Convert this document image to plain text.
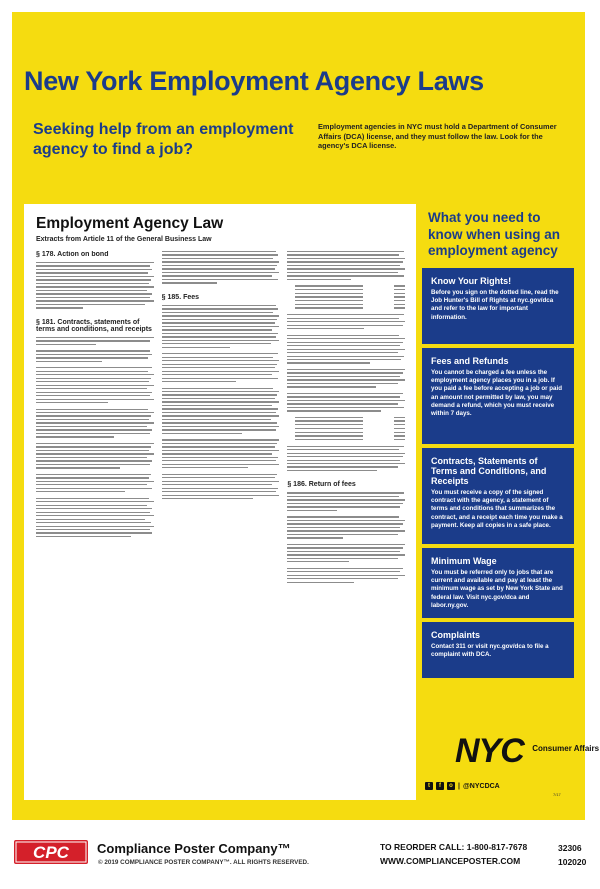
New York Employment Agency Laws
Seeking help from an employment agency to find a job?
Employment agencies in NYC must hold a Department of Consumer Affairs (DCA) license, and they must follow the law. Look for the agency's DCA license.
Employment Agency Law
Extracts from Article 11 of the General Business Law
§ 178. Action on bond
§ 181. Contracts, statements of terms and conditions, and receipts
§ 185. Fees
§ 186. Return of fees
What you need to know when using an employment agency
Know Your Rights!

Before you sign on the dotted line, read the Job Hunter's Bill of Rights at nyc.gov/dca and refer to the law for important information.

Fees and Refunds

You cannot be charged a fee unless the employment agency places you in a job. If you paid a fee before accepting a job or paid an amount not permitted by law, you may demand a refund, which you must receive within 7 days.

Contracts, Statements of Terms and Conditions, and Receipts

You must receive a copy of the signed contract with the agency, a statement of terms and conditions that summarizes the contract, and a receipt each time you make a payment. Keep all copies in a safe place.

Minimum Wage

You must be referred only to jobs that are current and available and pay at least the minimum wage as set by New York State and federal law. Visit nyc.gov/dca and labor.ny.gov.

Complaints

Contact 311 or visit nyc.gov/dca to file a complaint with DCA.

NYC Consumer Affairs
t	f	o | @NYCDCA
7/17
CPC Compliance Poster Company™
© 2019 COMPLIANCE POSTER COMPANY™. ALL RIGHTS RESERVED.
TO REORDER CALL: 1-800-817-7678
WWW.COMPLIANCEPOSTER.COM
32306
102020
